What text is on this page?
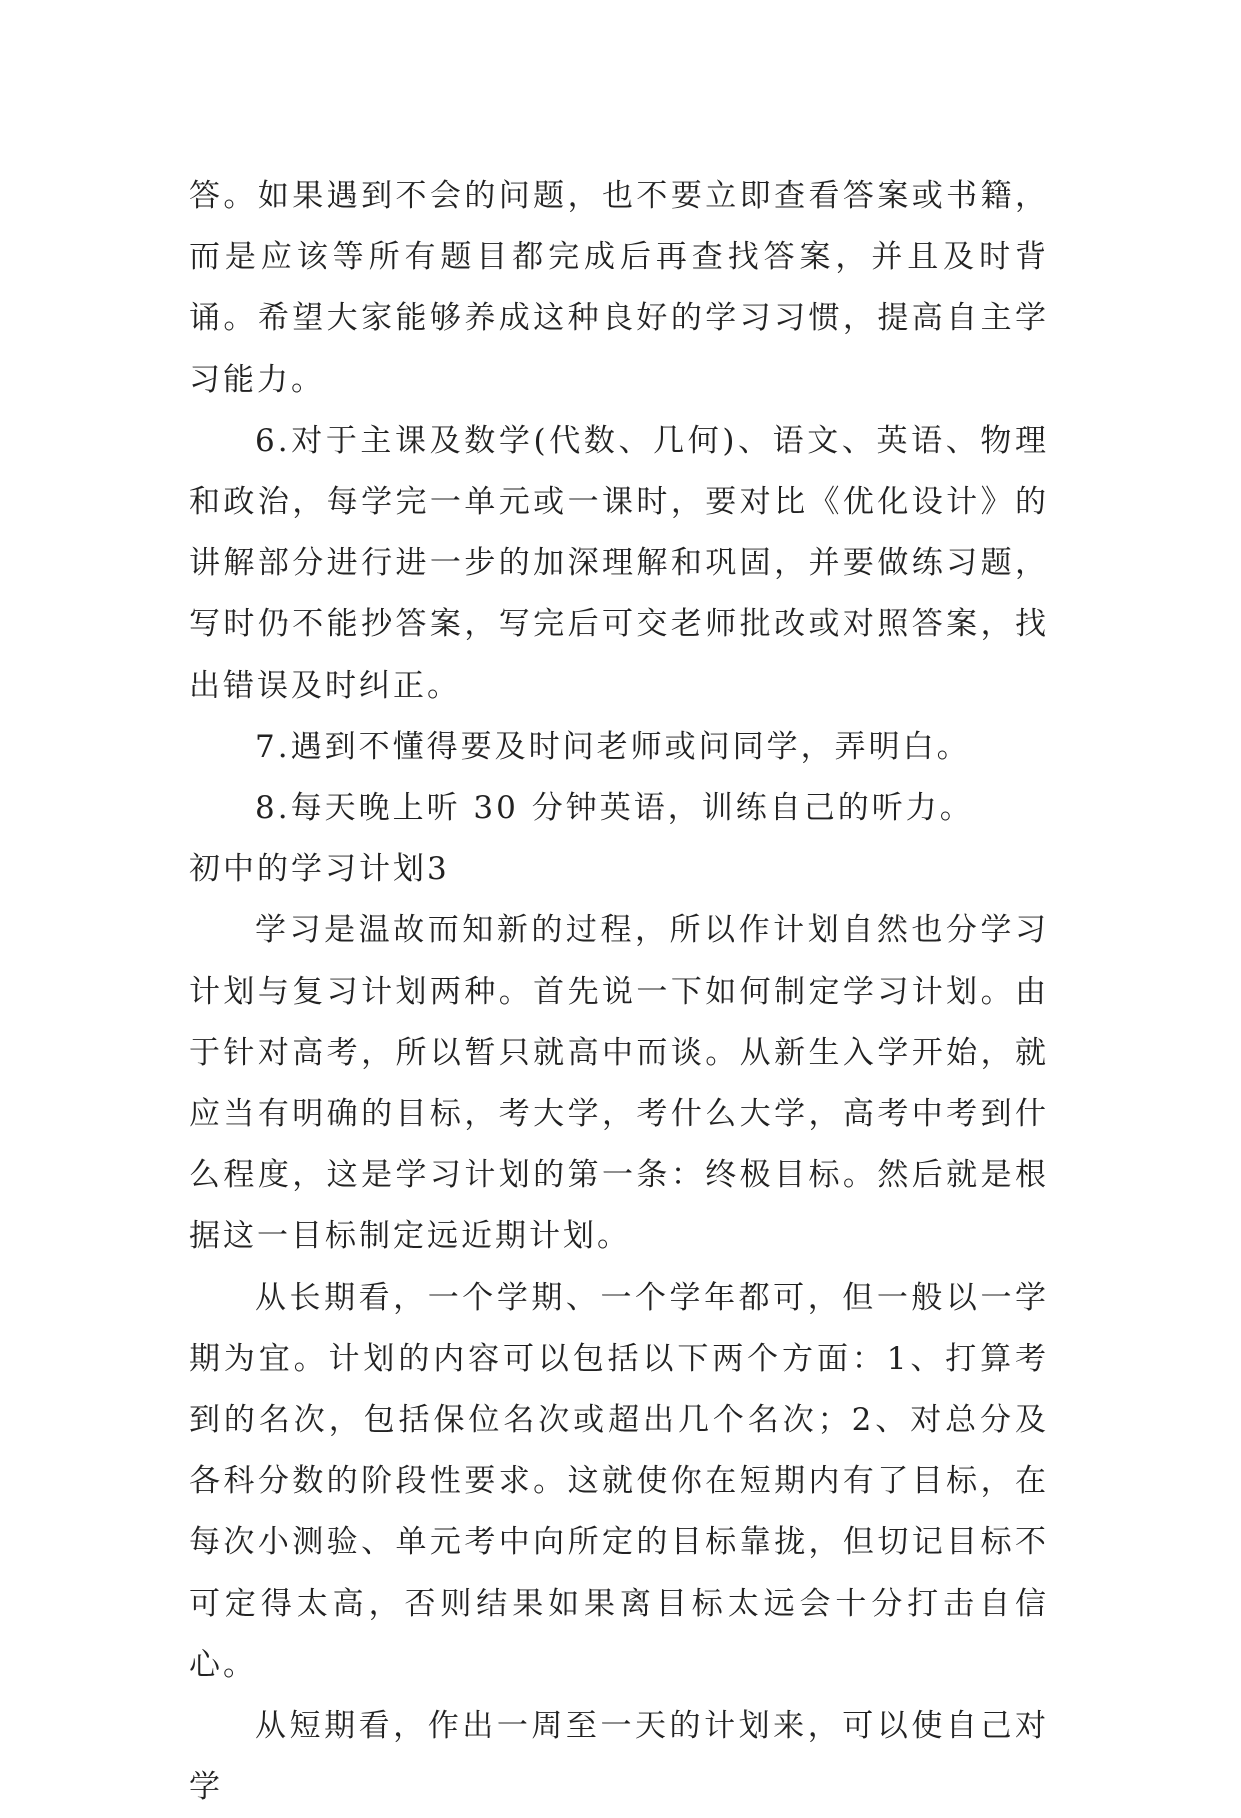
答。如果遇到不会的问题，也不要立即查看答案或书籍，而是应该等所有题目都完成后再查找答案，并且及时背诵。希望大家能够养成这种良好的学习习惯，提高自主学习能力。

6.对于主课及数学(代数、几何)、语文、英语、物理和政治，每学完一单元或一课时，要对比《优化设计》的讲解部分进行进一步的加深理解和巩固，并要做练习题，写时仍不能抄答案，写完后可交老师批改或对照答案，找出错误及时纠正。

7.遇到不懂得要及时问老师或问同学，弄明白。

8.每天晚上听 30 分钟英语，训练自己的听力。

初中的学习计划3

学习是温故而知新的过程，所以作计划自然也分学习计划与复习计划两种。首先说一下如何制定学习计划。由于针对高考，所以暂只就高中而谈。从新生入学开始，就应当有明确的目标，考大学，考什么大学，高考中考到什么程度，这是学习计划的第一条：终极目标。然后就是根据这一目标制定远近期计划。

从长期看，一个学期、一个学年都可，但一般以一学期为宜。计划的内容可以包括以下两个方面：1、打算考到的名次，包括保位名次或超出几个名次；2、对总分及各科分数的阶段性要求。这就使你在短期内有了目标，在每次小测验、单元考中向所定的目标靠拢，但切记目标不可定得太高，否则结果如果离目标太远会十分打击自信心。

从短期看，作出一周至一天的计划来，可以使自己对学
